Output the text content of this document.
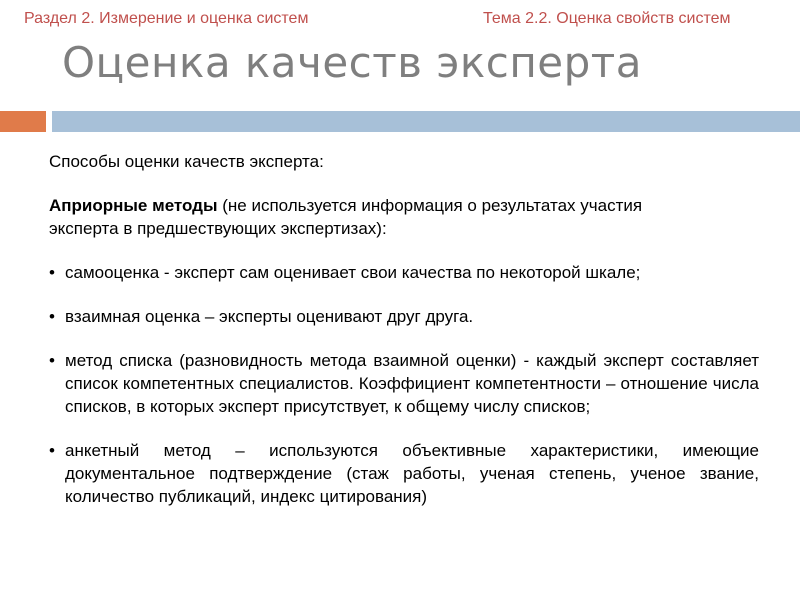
Раздел 2. Измерение и оценка систем	Тема 2.2. Оценка свойств систем
Оценка качеств эксперта

Способы оценки качеств эксперта:

Априорные методы (не используется информация о результатах участия эксперта в предшествующих экспертизах):

• самооценка - эксперт сам оценивает свои качества по некоторой шкале;

• взаимная оценка – эксперты оценивают друг друга.

• метод списка (разновидность метода взаимной оценки) - каждый эксперт составляет список компетентных специалистов. Коэффициент компетентности – отношение числа списков, в которых эксперт присутствует, к общему числу списков;

• анкетный метод – используются объективные характеристики, имеющие документальное подтверждение (стаж работы, ученая степень, ученое звание, количество публикаций, индекс цитирования)
